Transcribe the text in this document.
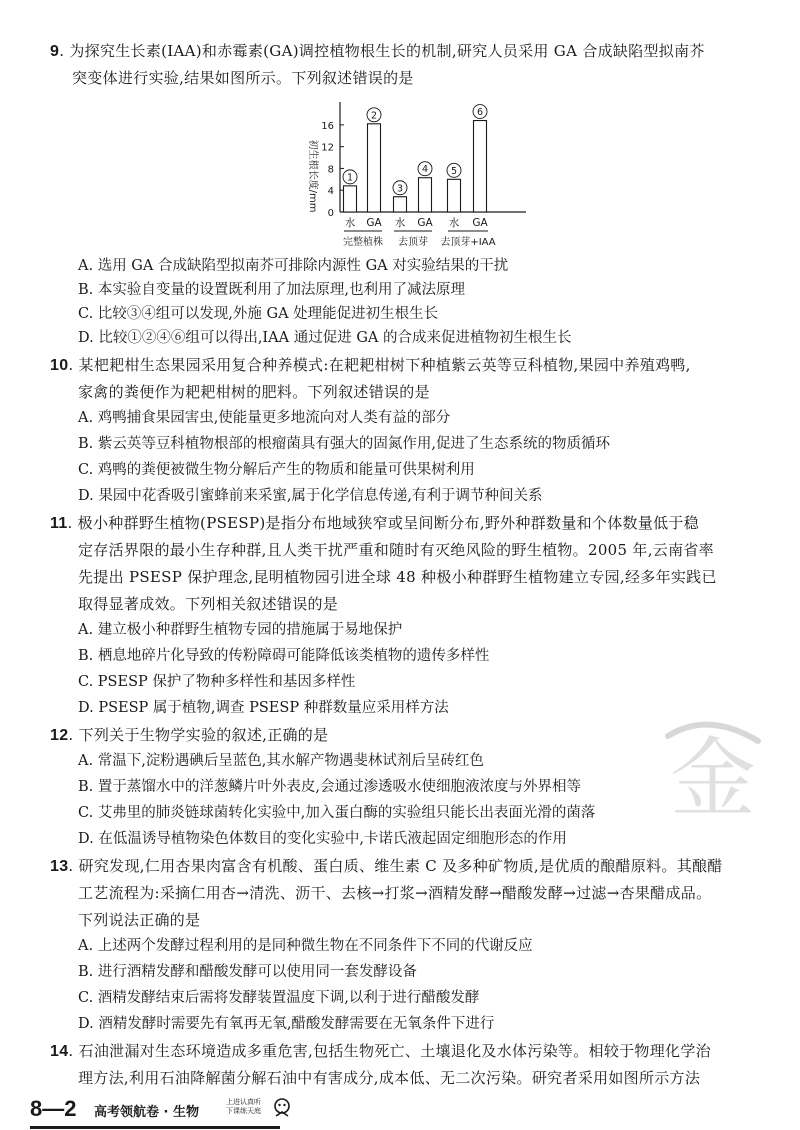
9. 为探究生长素(IAA)和赤霉素(GA)调控植物根生长的机制,研究人员采用 GA 合成缺陷型拟南芥
突变体进行实验,结果如图所示。下列叙述错误的是
初生根长度/mm
0
4
8
12
16
1
2
3
4 5
6
水 GA 水 GA 水 GA
完整植株 去顶芽 去顶芽+IAA
A. 选用 GA 合成缺陷型拟南芥可排除内源性 GA 对实验结果的干扰
B. 本实验自变量的设置既利用了加法原理,也利用了减法原理
C. 比较③④组可以发现,外施 GA 处理能促进初生根生长
D. 比较①②④⑥组可以得出,IAA 通过促进 GA 的合成来促进植物初生根生长
10. 某杷耙柑生态果园采用复合种养模式:在耙耙柑树下种植紫云英等豆科植物,果园中养殖鸡鸭,
家禽的粪便作为耙耙柑树的肥料。下列叙述错误的是
A. 鸡鸭捕食果园害虫,使能量更多地流向对人类有益的部分
B. 紫云英等豆科植物根部的根瘤菌具有强大的固氮作用,促进了生态系统的物质循环
C. 鸡鸭的粪便被微生物分解后产生的物质和能量可供果树利用
D. 果园中花香吸引蜜蜂前来采蜜,属于化学信息传递,有利于调节种间关系
11. 极小种群野生植物(PSESP)是指分布地域狭窄或呈间断分布,野外种群数量和个体数量低于稳
定存活界限的最小生存种群,且人类干扰严重和随时有灭绝风险的野生植物。2005 年,云南省率
先提出 PSESP 保护理念,昆明植物园引进全球 48 种极小种群野生植物建立专园,经多年实践已
取得显著成效。下列相关叙述错误的是
A. 建立极小种群野生植物专园的措施属于易地保护
B. 栖息地碎片化导致的传粉障碍可能降低该类植物的遗传多样性
C. PSESP 保护了物种多样性和基因多样性
D. PSESP 属于植物,调查 PSESP 种群数量应采用样方法
12. 下列关于生物学实验的叙述,正确的是
A. 常温下,淀粉遇碘后呈蓝色,其水解产物遇斐林试剂后呈砖红色
B. 置于蒸馏水中的洋葱鳞片叶外表皮,会通过渗透吸水使细胞液浓度与外界相等
C. 艾弗里的肺炎链球菌转化实验中,加入蛋白酶的实验组只能长出表面光滑的菌落
D. 在低温诱导植物染色体数目的变化实验中,卡诺氏液起固定细胞形态的作用
13. 研究发现,仁用杏果肉富含有机酸、蛋白质、维生素 C 及多种矿物质,是优质的酿醋原料。其酿醋
工艺流程为:采摘仁用杏→清洗、沥干、去核→打浆→酒精发酵→醋酸发酵→过滤→杏果醋成品。
下列说法正确的是
A. 上述两个发酵过程利用的是同种微生物在不同条件下不同的代谢反应
B. 进行酒精发酵和醋酸发酵可以使用同一套发酵设备
C. 酒精发酵结束后需将发酵装置温度下调,以利于进行醋酸发酵
D. 酒精发酵时需要先有氧再无氧,醋酸发酵需要在无氧条件下进行
14. 石油泄漏对生态环境造成多重危害,包括生物死亡、土壤退化及水体污染等。相较于物理化学治
理方法,利用石油降解菌分解石油中有害成分,成本低、无二次污染。研究者采用如图所示方法
金
8—2 高考领航卷 · 生物
上进认真听
下课练天庭
